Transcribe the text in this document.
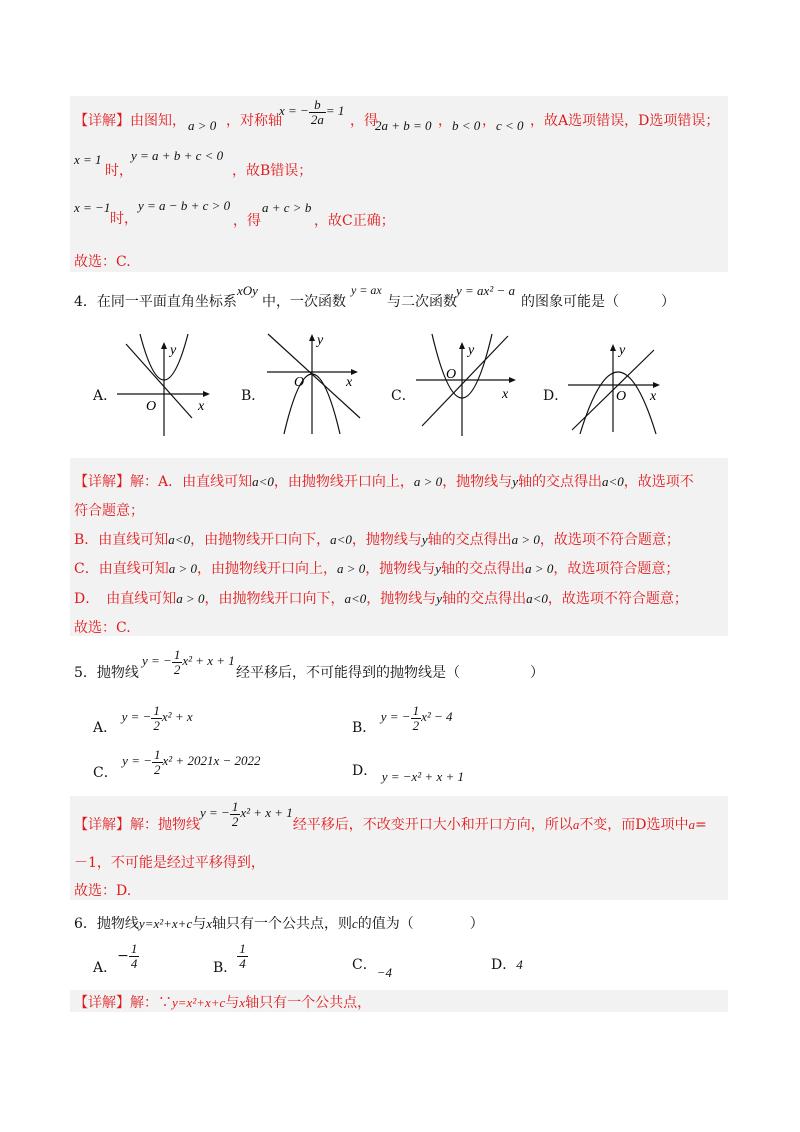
【详解】由图知， a > 0 ，对称轴
x = − $\frac{b}{2a} = 1$
，得
2a + b = 0 ， b < 0 ， c < 0 ，故A选项错误，D选项错误；
x = 1
时，
y = a + b + c < 0
，故B错误；
x = −1
时，
y = a − b + c > 0
，得
a + c > b
，故C正确；
故选：C.
4．在同一平面直角坐标系
xOy
中，一次函数
y = ax
与二次函数
y = ax² − a
的图象可能是（　　　）
A．
x
y
O
B．
x
y
O
C．	x
y
O
D．	x
y
O
【详解】解：A．由直线可知a<0，由抛物线开口向上，a > 0，抛物线与y轴的交点得出a<0，故选项不
符合题意；
B．由直线可知a<0，由抛物线开口向下，a<0，抛物线与y轴的交点得出a > 0，故选项不符合题意；
C．由直线可知a > 0，由抛物线开口向上，a > 0，抛物线与y轴的交点得出a > 0，故选项符合题意；
D．　由直线可知a > 0，由抛物线开口向下，a<0，抛物线与y轴的交点得出a<0，故选项不符合题意；
故选：C.
5．抛物线
y = − $\frac{1}{2} x^2 + x + 1$
经平移后，不可能得到的抛物线是（　　　　　）
A． y = − $\frac{1}{2} x^2 + x$
B． y = − $\frac{1}{2} x^2 - 4$
C． y = − $\frac{1}{2} x^2 + 2021x - 2022$
D． y = −x² + x + 1
【详解】解：抛物线y = − $\frac{1}{2} x^2 + x + 1$经平移后，不改变开口大小和开口方向，所以a不变，而D选项中a=
－1，不可能是经过平移得到，
故选：D.
6．抛物线y=x²+x+c与x轴只有一个公共点，则c的值为（　　　　）
A．− $\frac{1}{4}$	B． $\frac{1}{4}$	C．−4	D．4
【详解】解：∵y=x²+x+c与x轴只有一个公共点，
